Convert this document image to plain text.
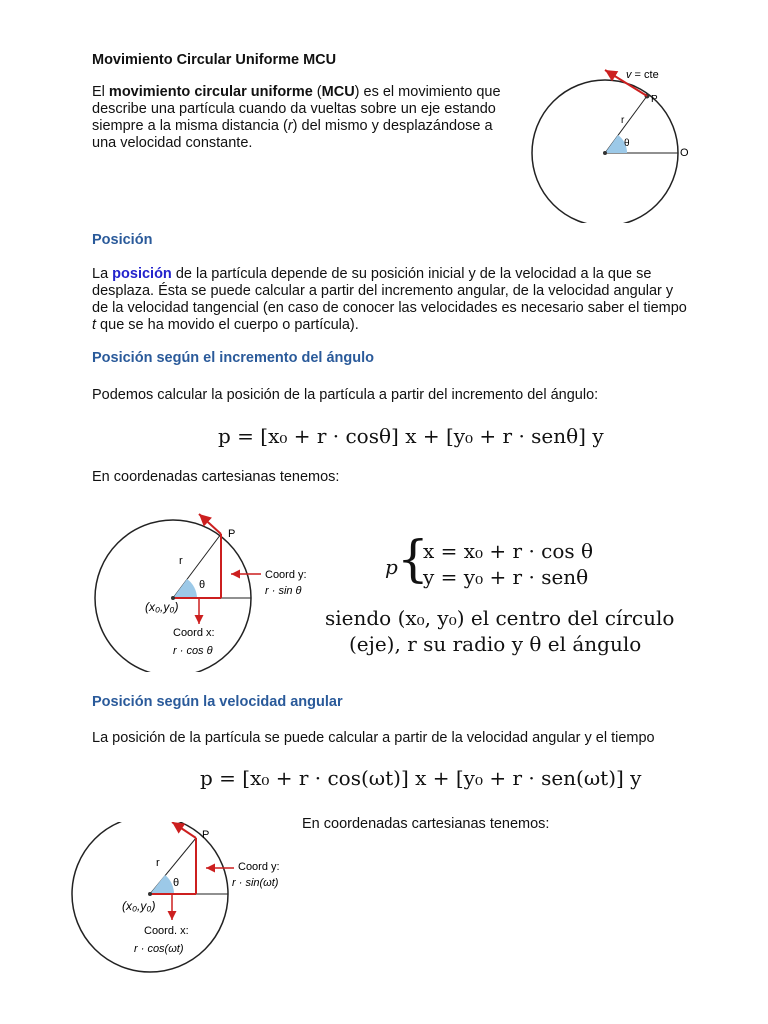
Movimiento Circular Uniforme MCU
El movimiento circular uniforme (MCU) es el movimiento que describe una partícula cuando da vueltas sobre un eje estando siempre a la misma distancia (r) del mismo y desplazándose a una velocidad constante.
v = cte
P
r
θ
O
Posición
La posición de la partícula depende de su posición inicial y de la velocidad a la que se desplaza. Ésta se puede calcular a partir del incremento angular, de la velocidad angular y de la velocidad tangencial (en caso de conocer las velocidades es necesario saber el tiempo t que se ha movido el cuerpo o partícula).
Posición según el incremento del ángulo
Podemos calcular la posición de la partícula a partir del incremento del ángulo:
p = [x₀ + r · cosθ] x + [y₀ + r · senθ] y
En coordenadas cartesianas tenemos:
P
r
θ
(x₀,y₀)
Coord y:
r · sin θ
Coord x:
r · cos θ
p {
x = x₀ + r · cos θ
y = y₀ + r · senθ
siendo (x₀, y₀) el centro del círculo
(eje), r su radio y θ el ángulo
Posición según la velocidad angular
La posición de la partícula se puede calcular a partir de la velocidad angular y el tiempo
p = [x₀ + r · cos(ωt)] x + [y₀ + r · sen(ωt)] y
En coordenadas cartesianas tenemos:
P
r
θ
(x₀,y₀)
Coord y:
r · sin(ωt)
Coord. x:
r · cos(ωt)
